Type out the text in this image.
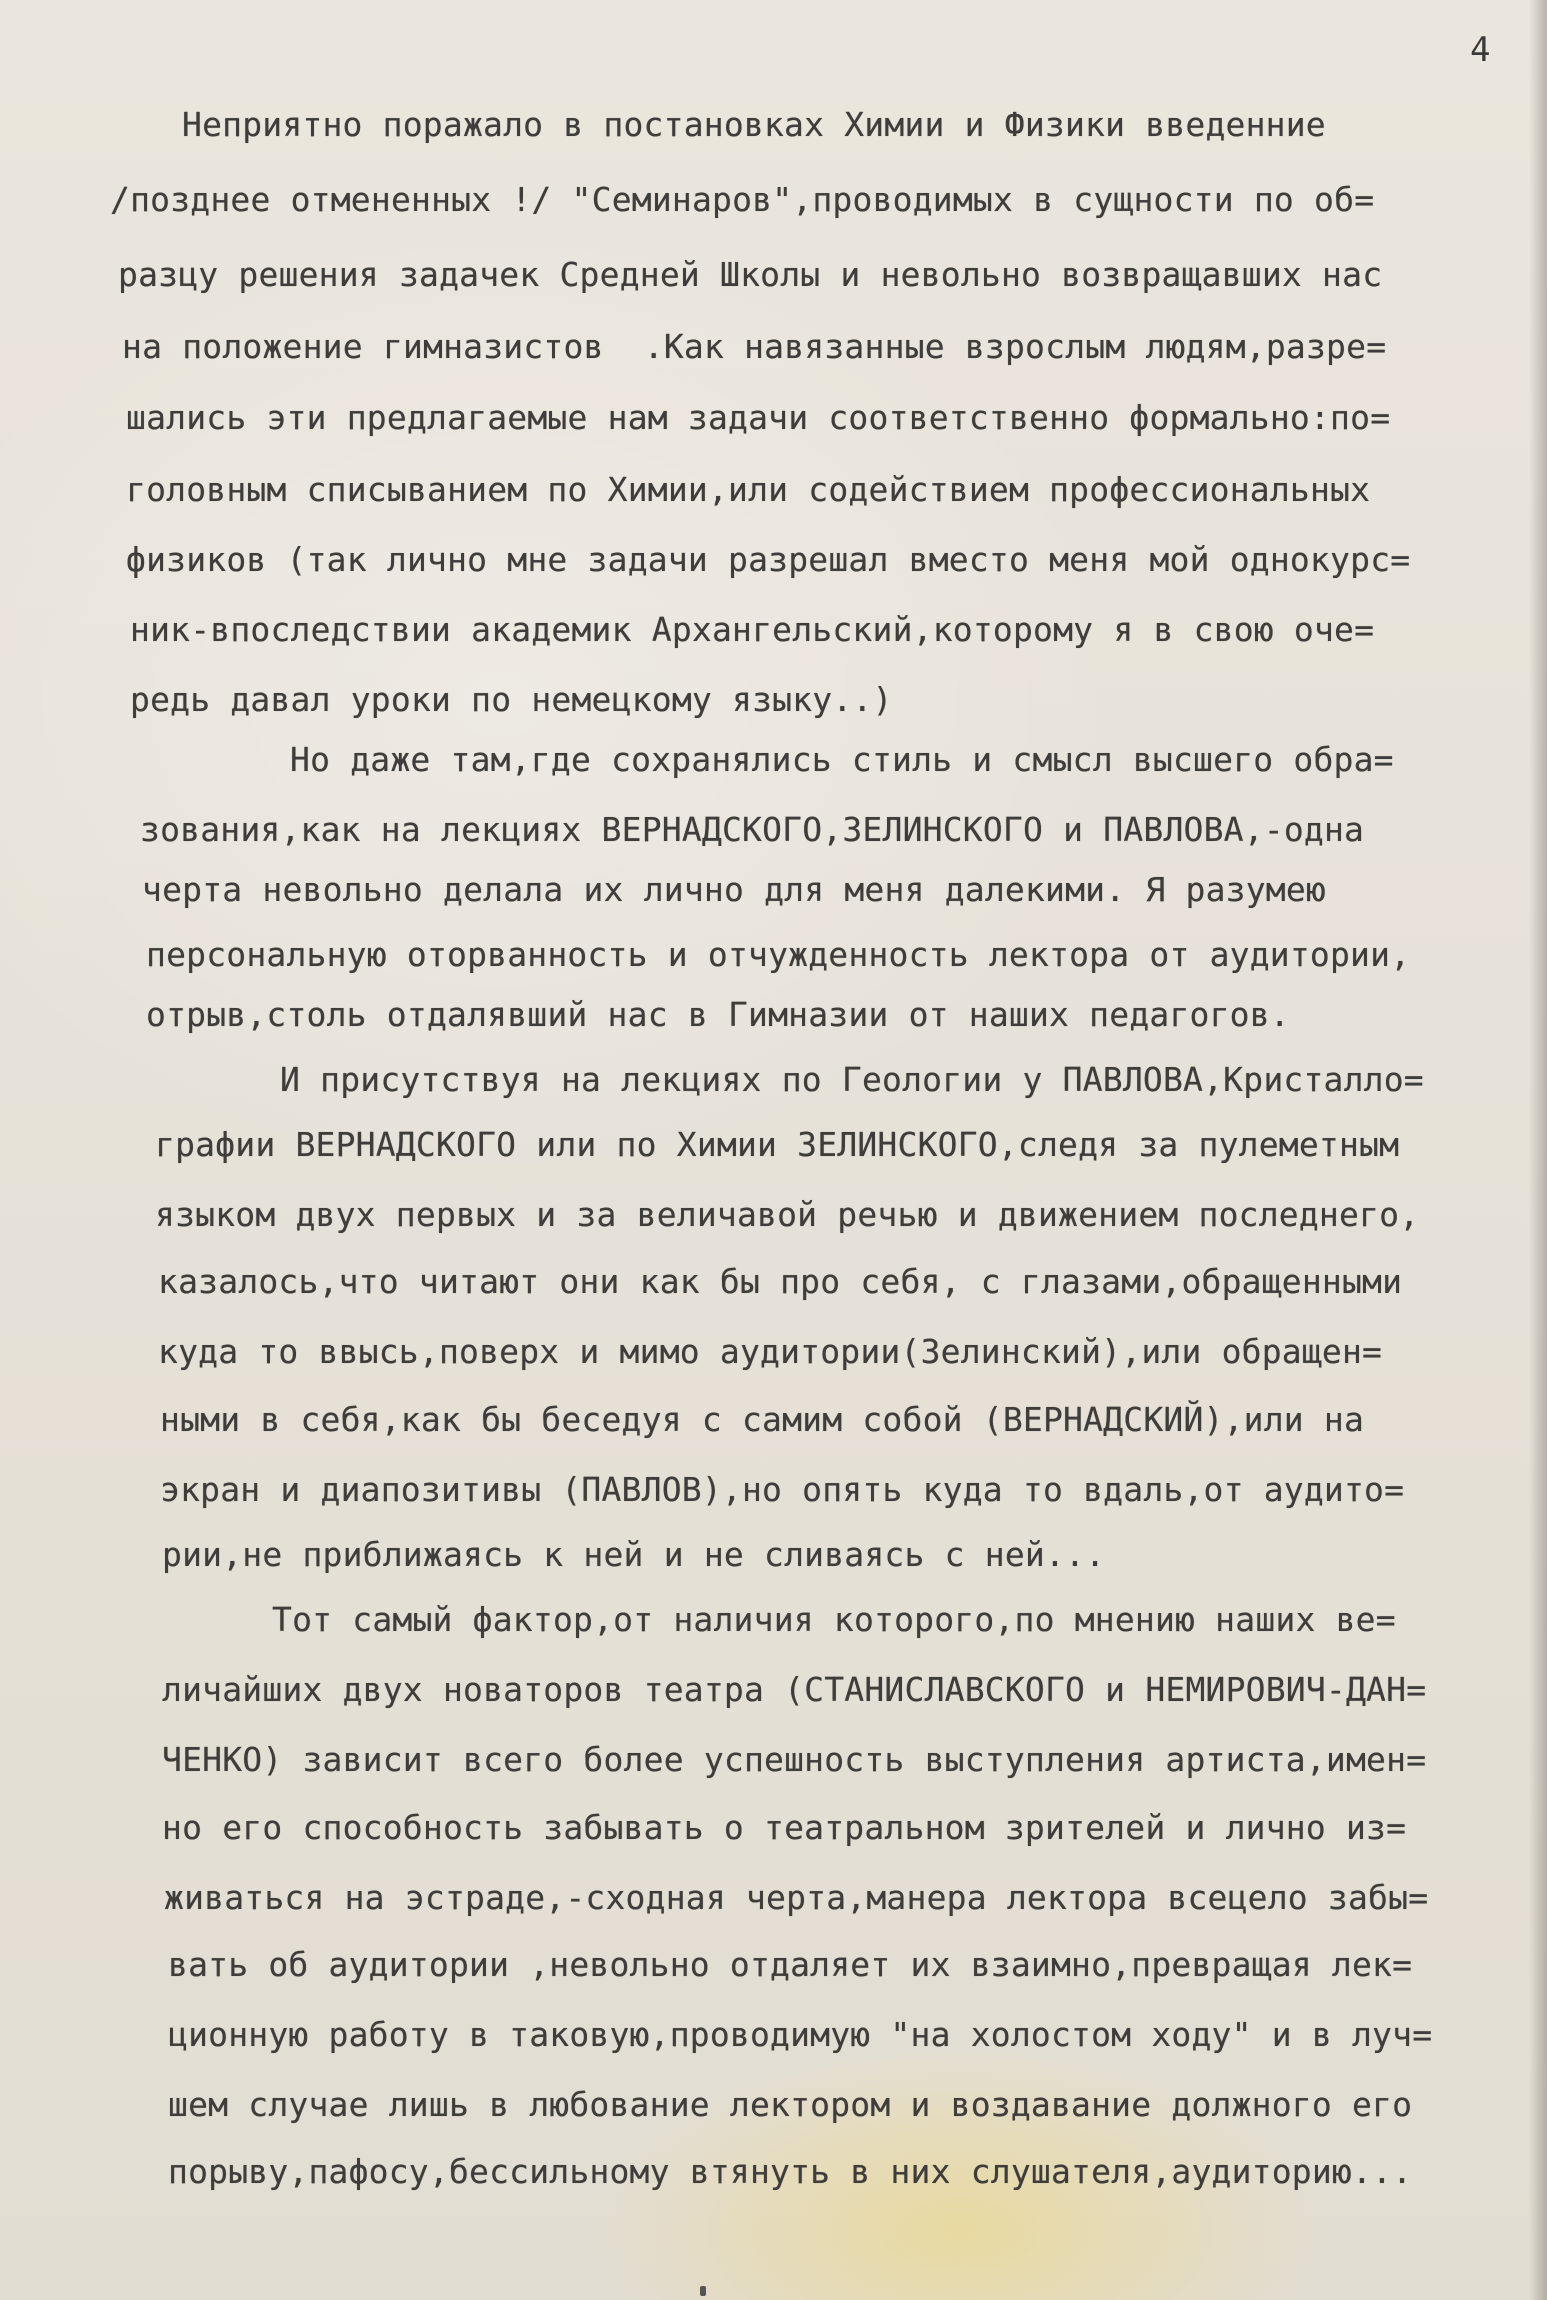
4

Неприятно поражало в постановках Химии и Физики введенние

/позднее отмененных !/ "Семинаров",проводимых в сущности по об=

разцу решения задачек Средней Школы и невольно возвращавших нас

на положение гимназистов  .Как навязанные взрослым людям,разре=

шались эти предлагаемые нам задачи соответственно формально:по=

головным списыванием по Химии,или содействием профессиональных

физиков (так лично мне задачи разрешал вместо меня мой однокурс=

ник-впоследствии академик Архангельский,которому я в свою оче=

редь давал уроки по немецкому языку..)

Но даже там,где сохранялись стиль и смысл высшего обра=

зования,как на лекциях ВЕРНАДСКОГО,ЗЕЛИНСКОГО и ПАВЛОВА,-одна

черта невольно делала их лично для меня далекими. Я разумею

персональную оторванность и отчужденность лектора от аудитории,

отрыв,столь отдалявший нас в Гимназии от наших педагогов.

И присутствуя на лекциях по Геологии у ПАВЛОВА,Кристалло=

графии ВЕРНАДСКОГО или по Химии ЗЕЛИНСКОГО,следя за пулеметным

языком двух первых и за величавой речью и движением последнего,

казалось,что читают они как бы про себя, с глазами,обращенными

куда то ввысь,поверх и мимо аудитории(Зелинский),или обращен=

ными в себя,как бы беседуя с самим собой (ВЕРНАДСКИЙ),или на

экран и диапозитивы (ПАВЛОВ),но опять куда то вдаль,от аудито=

рии,не приближаясь к ней и не сливаясь с ней...

Тот самый фактор,от наличия которого,по мнению наших ве=

личайших двух новаторов театра (СТАНИСЛАВСКОГО и НЕМИРОВИЧ-ДАН=

ЧЕНКО) зависит всего более успешность выступления артиста,имен=

но его способность забывать о театральном зрителей и лично из=

живаться на эстраде,-сходная черта,манера лектора всецело забы=

вать об аудитории ,невольно отдаляет их взаимно,превращая лек=

ционную работу в таковую,проводимую "на холостом ходу" и в луч=

шем случае лишь в любование лектором и воздавание должного его

порыву,пафосу,бессильному втянуть в них слушателя,аудиторию...
